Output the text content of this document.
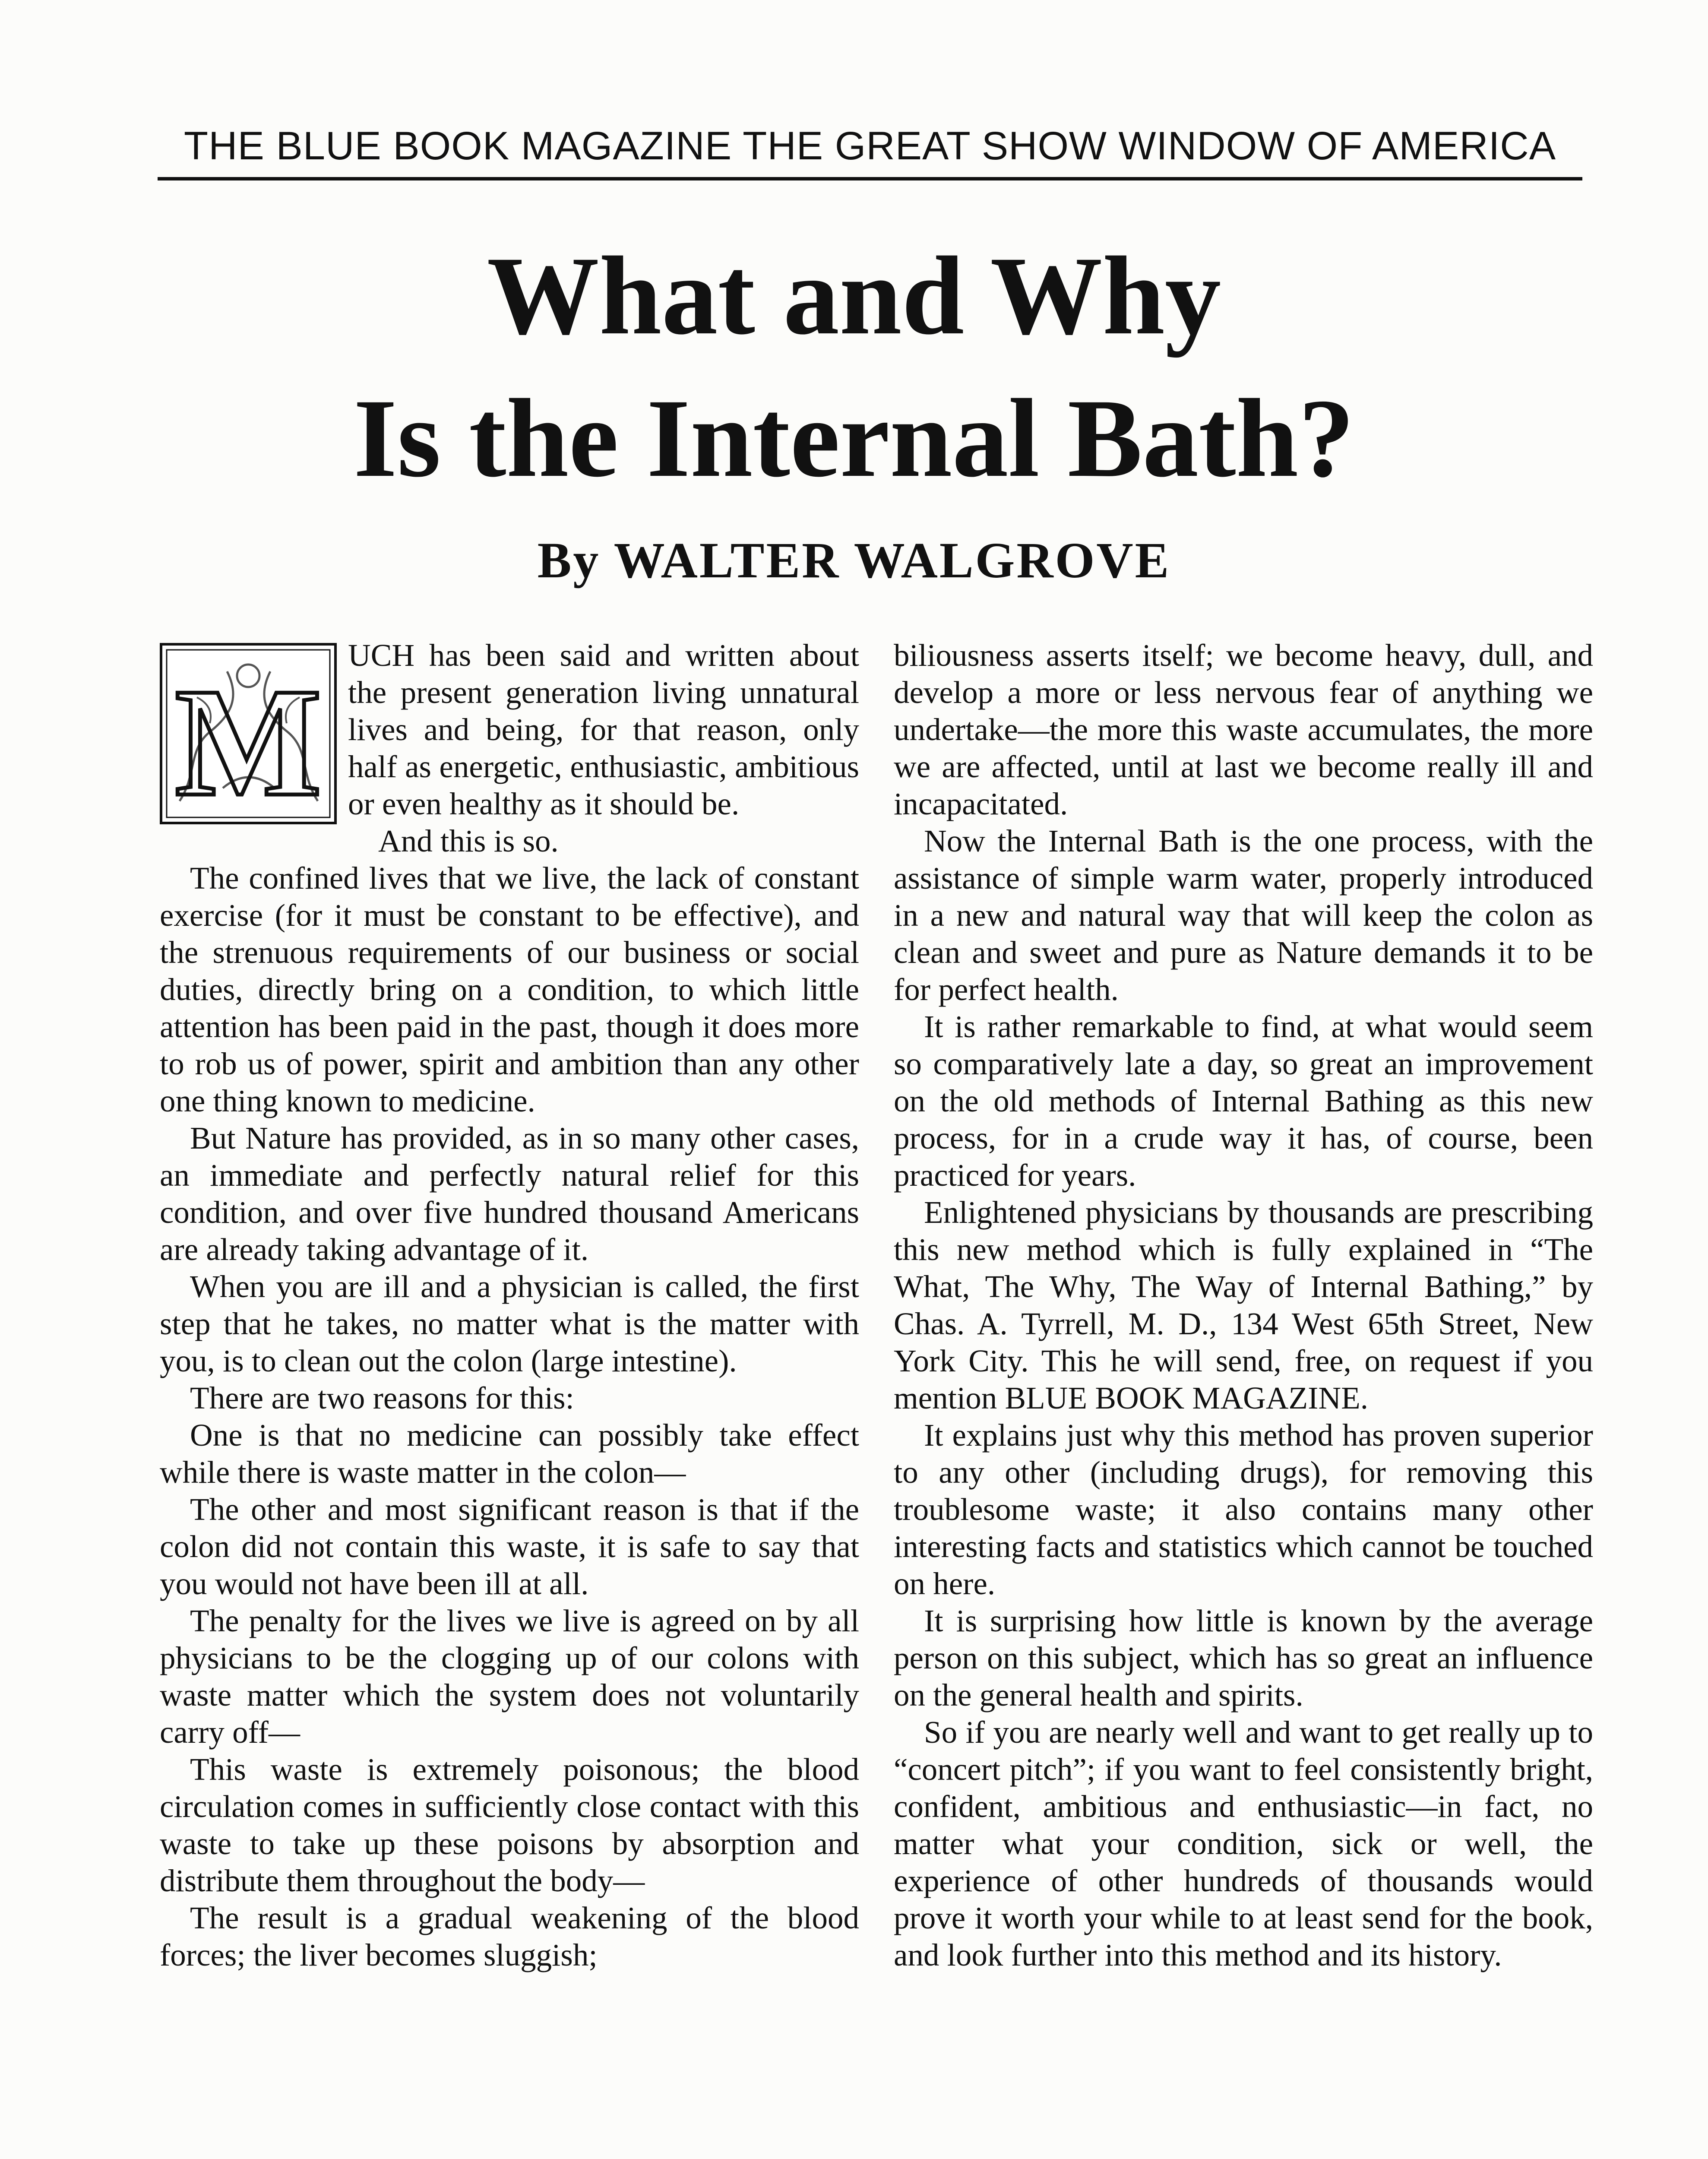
THE BLUE BOOK MAGAZINE THE GREAT SHOW WINDOW OF AMERICA
What and Why
Is the Internal Bath?
By WALTER WALGROVE
M

UCH has been said and written about the present generation living unnatural lives and being, for that reason, only half as energetic, enthusiastic, ambitious or even healthy as it should be.

And this is so.

The confined lives that we live, the lack of constant exercise (for it must be constant to be effective), and the strenuous requirements of our business or social duties, directly bring on a condition, to which little attention has been paid in the past, though it does more to rob us of power, spirit and ambition than any other one thing known to medicine.

But Nature has provided, as in so many other cases, an immediate and perfectly natural relief for this condition, and over five hundred thousand Americans are already taking advantage of it.

When you are ill and a physician is called, the first step that he takes, no matter what is the matter with you, is to clean out the colon (large intestine).

There are two reasons for this:

One is that no medicine can possibly take effect while there is waste matter in the colon—

The other and most significant reason is that if the colon did not contain this waste, it is safe to say that you would not have been ill at all.

The penalty for the lives we live is agreed on by all physicians to be the clogging up of our colons with waste matter which the system does not voluntarily carry off—

This waste is extremely poisonous; the blood circulation comes in sufficiently close contact with this waste to take up these poisons by absorption and distribute them throughout the body—

The result is a gradual weakening of the blood forces; the liver becomes sluggish;

biliousness asserts itself; we become heavy, dull, and develop a more or less nervous fear of anything we undertake—the more this waste accumulates, the more we are affected, until at last we become really ill and incapacitated.

Now the Internal Bath is the one process, with the assistance of simple warm water, properly introduced in a new and natural way that will keep the colon as clean and sweet and pure as Nature demands it to be for perfect health.

It is rather remarkable to find, at what would seem so comparatively late a day, so great an improvement on the old methods of Internal Bathing as this new process, for in a crude way it has, of course, been practiced for years.

Enlightened physicians by thousands are prescribing this new method which is fully explained in “The What, The Why, The Way of Internal Bathing,” by Chas. A. Tyrrell, M. D., 134 West 65th Street, New York City. This he will send, free, on request if you mention BLUE BOOK MAGAZINE.

It explains just why this method has proven superior to any other (including drugs), for removing this troublesome waste; it also contains many other interesting facts and statistics which cannot be touched on here.

It is surprising how little is known by the average person on this subject, which has so great an influence on the general health and spirits.

So if you are nearly well and want to get really up to “concert pitch”; if you want to feel consistently bright, confident, ambitious and enthusiastic—in fact, no matter what your condition, sick or well, the experience of other hundreds of thousands would prove it worth your while to at least send for the book, and look further into this method and its history.
